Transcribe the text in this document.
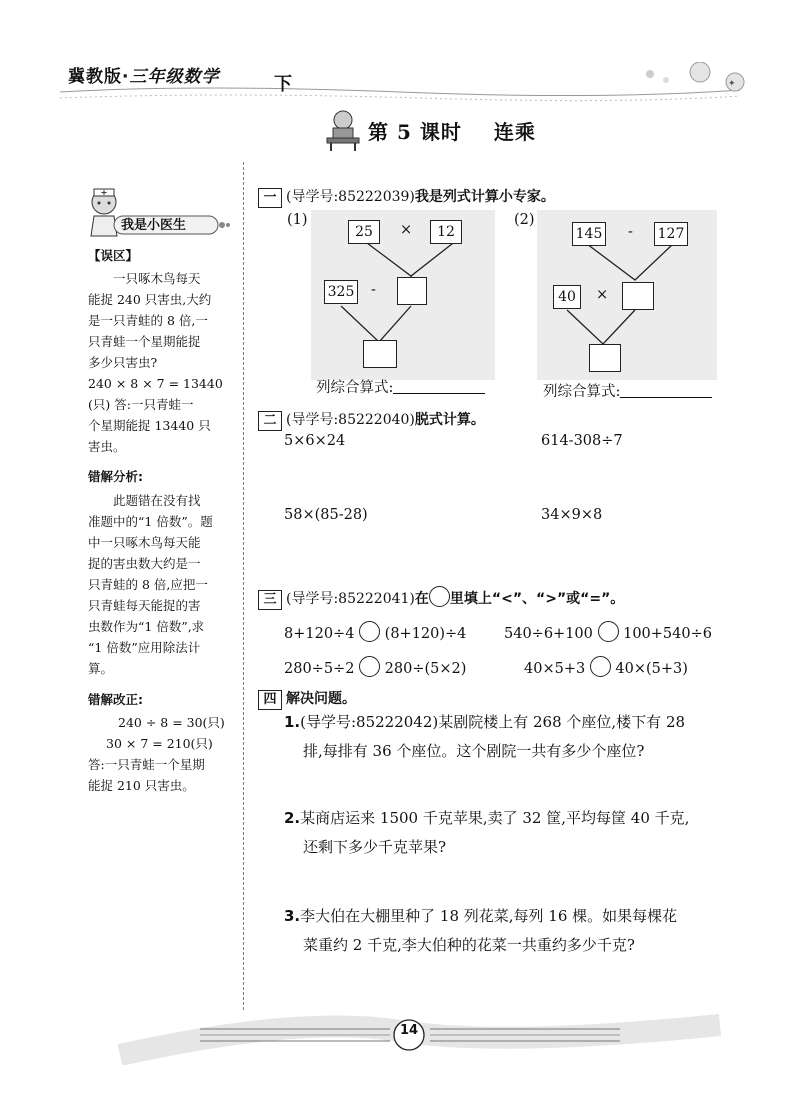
✦
冀教版·三年级数学	下
第 5 课时 连乘
我是小医生
【误区】
一只啄木鸟每天
能捉 240 只害虫,大约
是一只青蛙的 8 倍,一
只青蛙一个星期能捉
多少只害虫?
240 × 8 × 7 = 13440
(只) 答:一只青蛙一
个星期能捉 13440 只
害虫。
错解分析:
此题错在没有找
准题中的“1 倍数”。题
中一只啄木鸟每天能
捉的害虫数大约是一
只青蛙的 8 倍,应把一
只青蛙每天能捉的害
虫数作为“1 倍数”,求
“1 倍数”应用除法计
算。
错解改正:
240 ÷ 8 = 30(只)
30 × 7 = 210(只)
答:一只青蛙一个星期
能捉 210 只害虫。
一 (导学号:85222039)我是列式计算小专家。
(1)
25	×	12
325 -
列综合算式:
(2)
145 - 127
40	×
列综合算式:
二 (导学号:85222040)脱式计算。
5×6×24	614-308÷7
58×(85-28)	34×9×8
三 (导学号:85222041)在 里填上“<”、“>”或“=”。
8+120÷4 (8+120)÷4	540÷6+100 100+540÷6
280÷5÷2 280÷(5×2)	40×5+3 40×(5+3)
四 解决问题。
1.(导学号:85222042)某剧院楼上有 268 个座位,楼下有 28
排,每排有 36 个座位。这个剧院一共有多少个座位?
2.某商店运来 1500 千克苹果,卖了 32 筐,平均每筐 40 千克,
还剩下多少千克苹果?
3.李大伯在大棚里种了 18 列花菜,每列 16 棵。如果每棵花
菜重约 2 千克,李大伯种的花菜一共重约多少千克?
14
